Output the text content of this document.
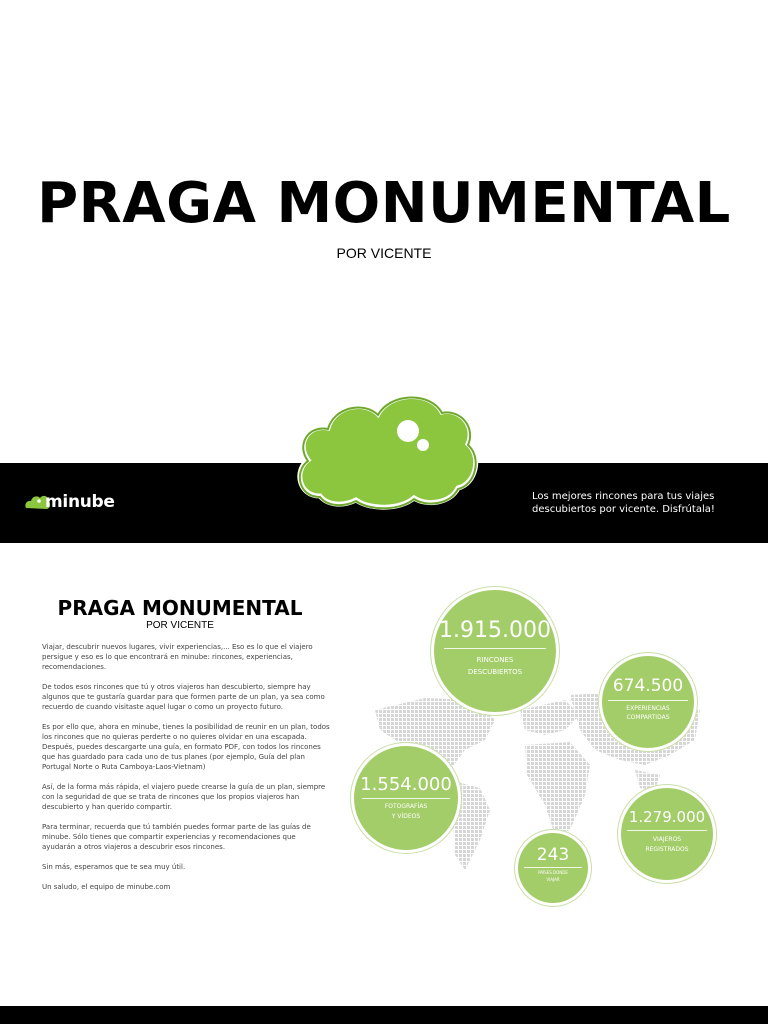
PRAGA MONUMENTAL
POR VICENTE
minube	Los mejores rincones para tus viajes descubiertos por vicente. Disfrútala!
PRAGA MONUMENTAL
POR VICENTE

Viajar, descubrir nuevos lugares, vivir experiencias,... Eso es lo que el viajero persigue y eso es lo que encontrará en minube: rincones, experiencias, recomendaciones.

De todos esos rincones que tú y otros viajeros han descubierto, siempre hay algunos que te gustaría guardar para que formen parte de un plan, ya sea como recuerdo de cuando visitaste aquel lugar o como un proyecto futuro.

Es por ello que, ahora en minube, tienes la posibilidad de reunir en un plan, todos los rincones que no quieras perderte o no quieres olvidar en una escapada. Después, puedes descargarte una guía, en formato PDF, con todos los rincones que has guardado para cada uno de tus planes (por ejemplo, Guía del plan Portugal Norte o Ruta Camboya-Laos-Vietnam)

Así, de la forma más rápida, el viajero puede crearse la guía de un plan, siempre con la seguridad de que se trata de rincones que los propios viajeros han descubierto y han querido compartir.

Para terminar, recuerda que tú también puedes formar parte de las guías de minube. Sólo tienes que compartir experiencias y recomendaciones que ayudarán a otros viajeros a descubrir esos rincones.

Sin más, esperamos que te sea muy útil.

Un saludo, el equipo de minube.com

1.915.000
RINCONES
DESCUBIERTOS
674.500
EXPERIENCIAS
COMPARTIDAS
1.554.000
FOTOGRAFÍAS
Y VÍDEOS	1.279.000
VIAJEROS
REGISTRADOS
243
PAÍSES DONDE
VIAJAR
